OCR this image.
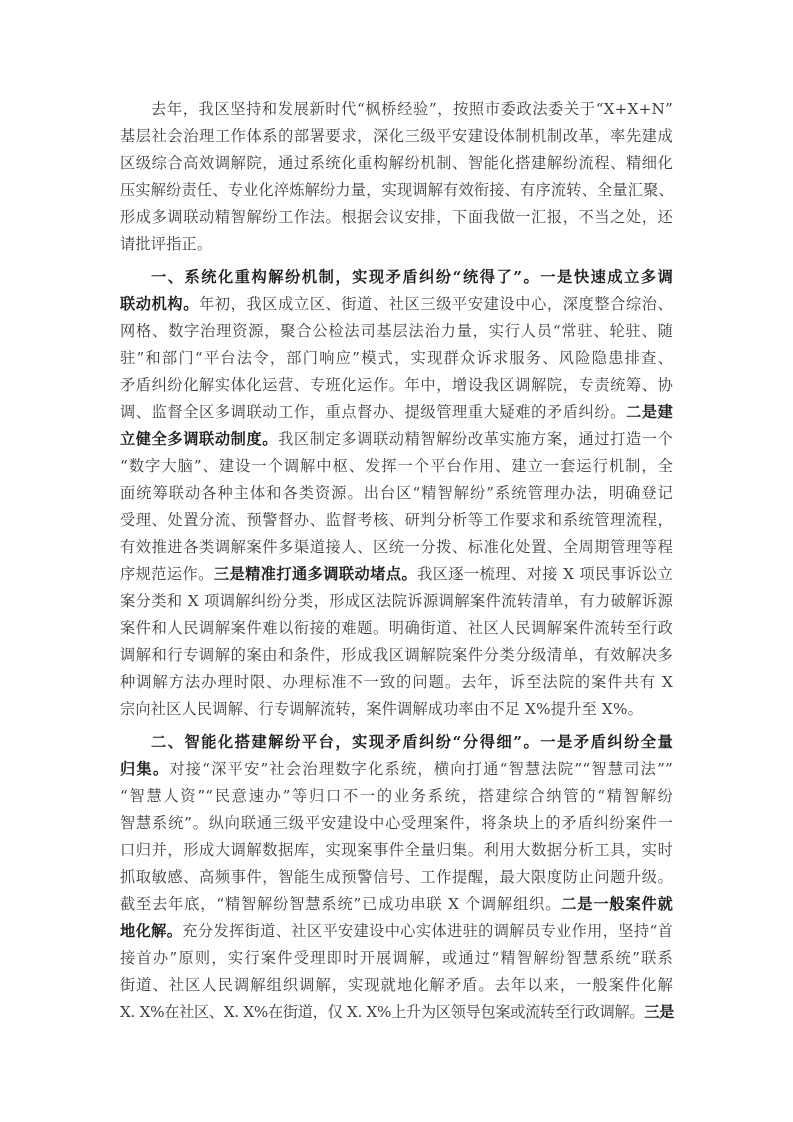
去年，我区坚持和发展新时代“枫桥经验”，按照市委政法委关于“X+X+N”
基层社会治理工作体系的部署要求，深化三级平安建设体制机制改革，率先建成
区级综合高效调解院，通过系统化重构解纷机制、智能化搭建解纷流程、精细化
压实解纷责任、专业化淬炼解纷力量，实现调解有效衔接、有序流转、全量汇聚、
形成多调联动精智解纷工作法。根据会议安排，下面我做一汇报，不当之处，还
请批评指正。
一、系统化重构解纷机制，实现矛盾纠纷“统得了”。一是快速成立多调
联动机构。年初，我区成立区、街道、社区三级平安建设中心，深度整合综治、
网格、数字治理资源，聚合公检法司基层法治力量，实行人员“常驻、轮驻、随
驻”和部门“平台法令，部门响应”模式，实现群众诉求服务、风险隐患排查、
矛盾纠纷化解实体化运营、专班化运作。年中，增设我区调解院，专责统筹、协
调、监督全区多调联动工作，重点督办、提级管理重大疑难的矛盾纠纷。二是建
立健全多调联动制度。我区制定多调联动精智解纷改革实施方案，通过打造一个
“数字大脑”、建设一个调解中枢、发挥一个平台作用、建立一套运行机制，全
面统筹联动各种主体和各类资源。出台区“精智解纷”系统管理办法，明确登记
受理、处置分流、预警督办、监督考核、研判分析等工作要求和系统管理流程，
有效推进各类调解案件多渠道接人、区统一分拨、标准化处置、全周期管理等程
序规范运作。三是精准打通多调联动堵点。我区逐一梳理、对接 X 项民事诉讼立
案分类和 X 项调解纠纷分类，形成区法院诉源调解案件流转清单，有力破解诉源
案件和人民调解案件难以衔接的难题。明确街道、社区人民调解案件流转至行政
调解和行专调解的案由和条件，形成我区调解院案件分类分级清单，有效解决多
种调解方法办理时限、办理标准不一致的问题。去年，诉至法院的案件共有 X
宗向社区人民调解、行专调解流转，案件调解成功率由不足 X%提升至 X%。
二、智能化搭建解纷平台，实现矛盾纠纷“分得细”。一是矛盾纠纷全量
归集。对接“深平安”社会治理数字化系统，横向打通“智慧法院”“智慧司法””
“智慧人资”“民意速办”等归口不一的业务系统，搭建综合纳管的“精智解纷
智慧系统”。纵向联通三级平安建设中心受理案件，将条块上的矛盾纠纷案件一
口归并，形成大调解数据库，实现案事件全量归集。利用大数据分析工具，实时
抓取敏感、高频事件，智能生成预警信号、工作提醒，最大限度防止问题升级。
截至去年底，“精智解纷智慧系统”已成功串联 X 个调解组织。二是一般案件就
地化解。充分发挥街道、社区平安建设中心实体进驻的调解员专业作用，坚持“首
接首办”原则，实行案件受理即时开展调解，或通过“精智解纷智慧系统”联系
街道、社区人民调解组织调解，实现就地化解矛盾。去年以来，一般案件化解
X. X%在社区、X. X%在街道，仅 X. X%上升为区领导包案或流转至行政调解。三是
